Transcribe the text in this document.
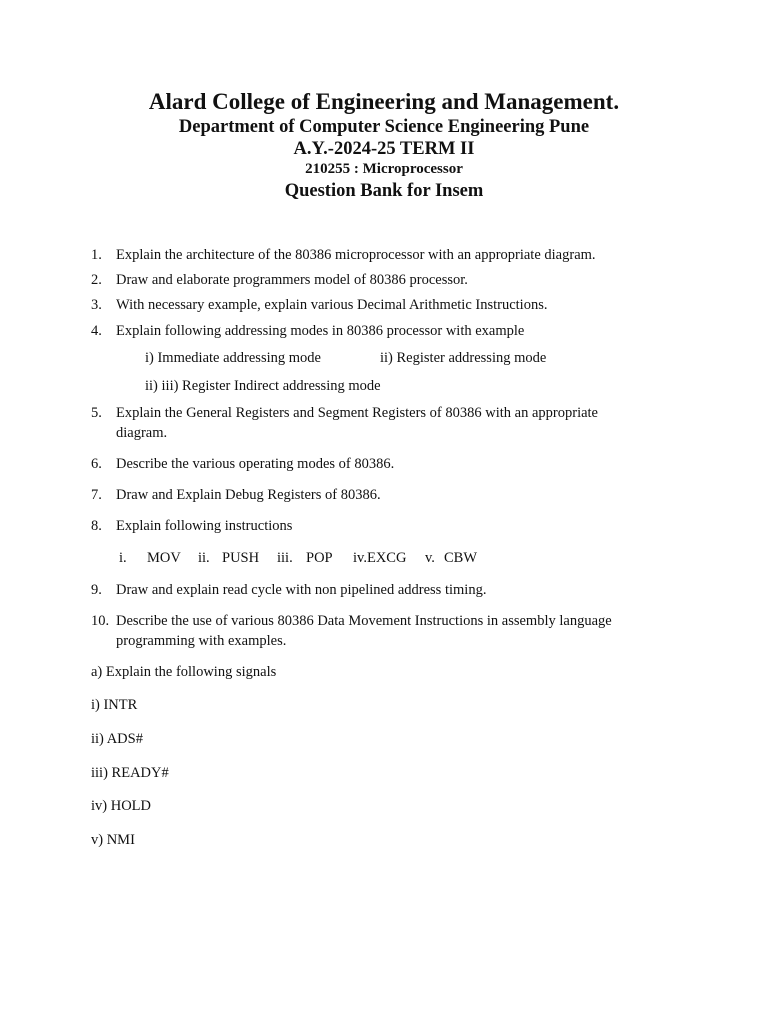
Alard College of Engineering and Management.
Department of Computer Science Engineering Pune
A.Y.-2024-25 TERM II
210255 : Microprocessor
Question Bank for Insem
1. Explain the architecture of the 80386 microprocessor with an appropriate diagram.
2. Draw and elaborate programmers model of 80386 processor.
3. With necessary example, explain various Decimal Arithmetic Instructions.
4. Explain following addressing modes in 80386 processor with example
i) Immediate addressing mode	ii) Register addressing mode
ii) iii) Register Indirect addressing mode
5. Explain the General Registers and Segment Registers of 80386 with an appropriate
diagram.
6. Describe the various operating modes of 80386.
7. Draw and Explain Debug Registers of 80386.
8. Explain following instructions
i. MOV ii. PUSH iii. POP iv.EXCG v. CBW
9. Draw and explain read cycle with non pipelined address timing.
10. Describe the use of various 80386 Data Movement Instructions in assembly language
programming with examples.
a) Explain the following signals
i) INTR
ii) ADS#
iii) READY#
iv) HOLD
v) NMI
